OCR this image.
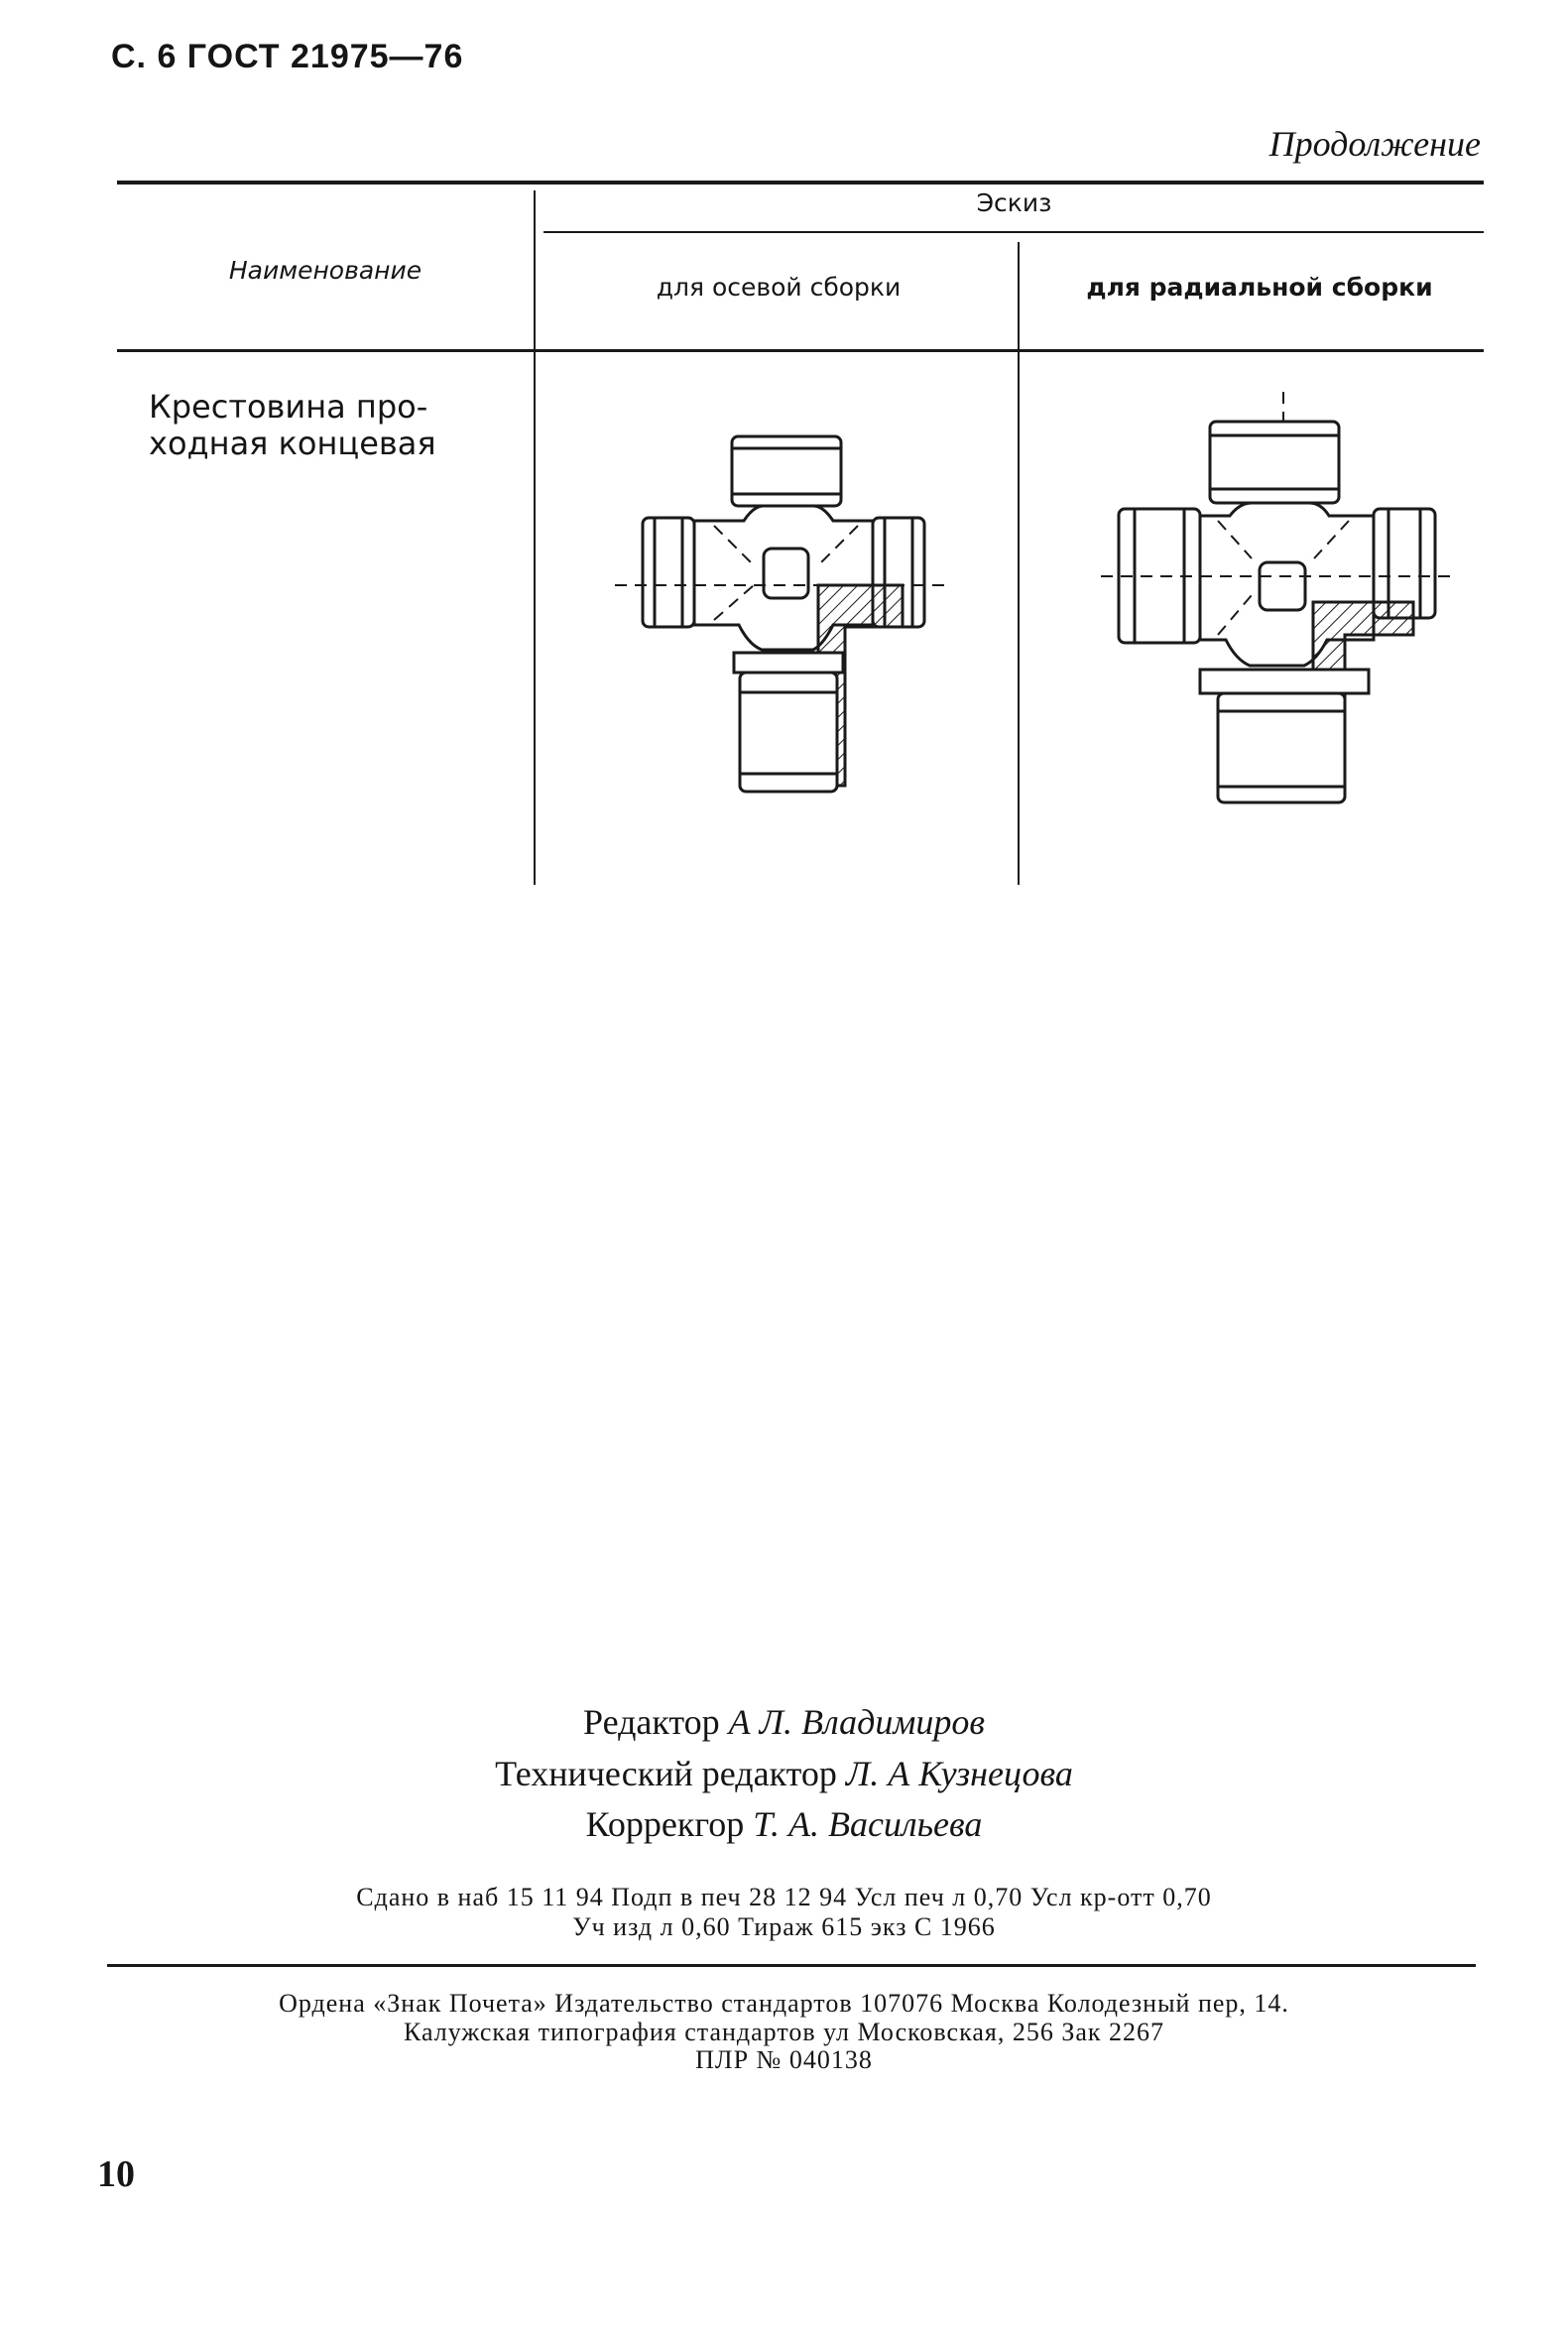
С. 6 ГОСТ 21975—76
Продолжение
Наименование
Эскиз
для осевой сборки	для радиальной сборки
Крестовина про-
ходная концевая
Редактор А Л. Владимиров
Технический редактор Л. А Кузнецова
Коррекгор Т. А. Васильева
Сдано в наб 15 11 94 Подп в печ 28 12 94 Усл печ л 0,70 Усл кр-отт 0,70
Уч изд л 0,60 Тираж 615 экз С 1966
Ордена «Знак Почета» Издательство стандартов 107076 Москва Колодезный пер, 14.
Калужская типография стандартов ул Московская, 256 Зак 2267
ПЛР № 040138
10
